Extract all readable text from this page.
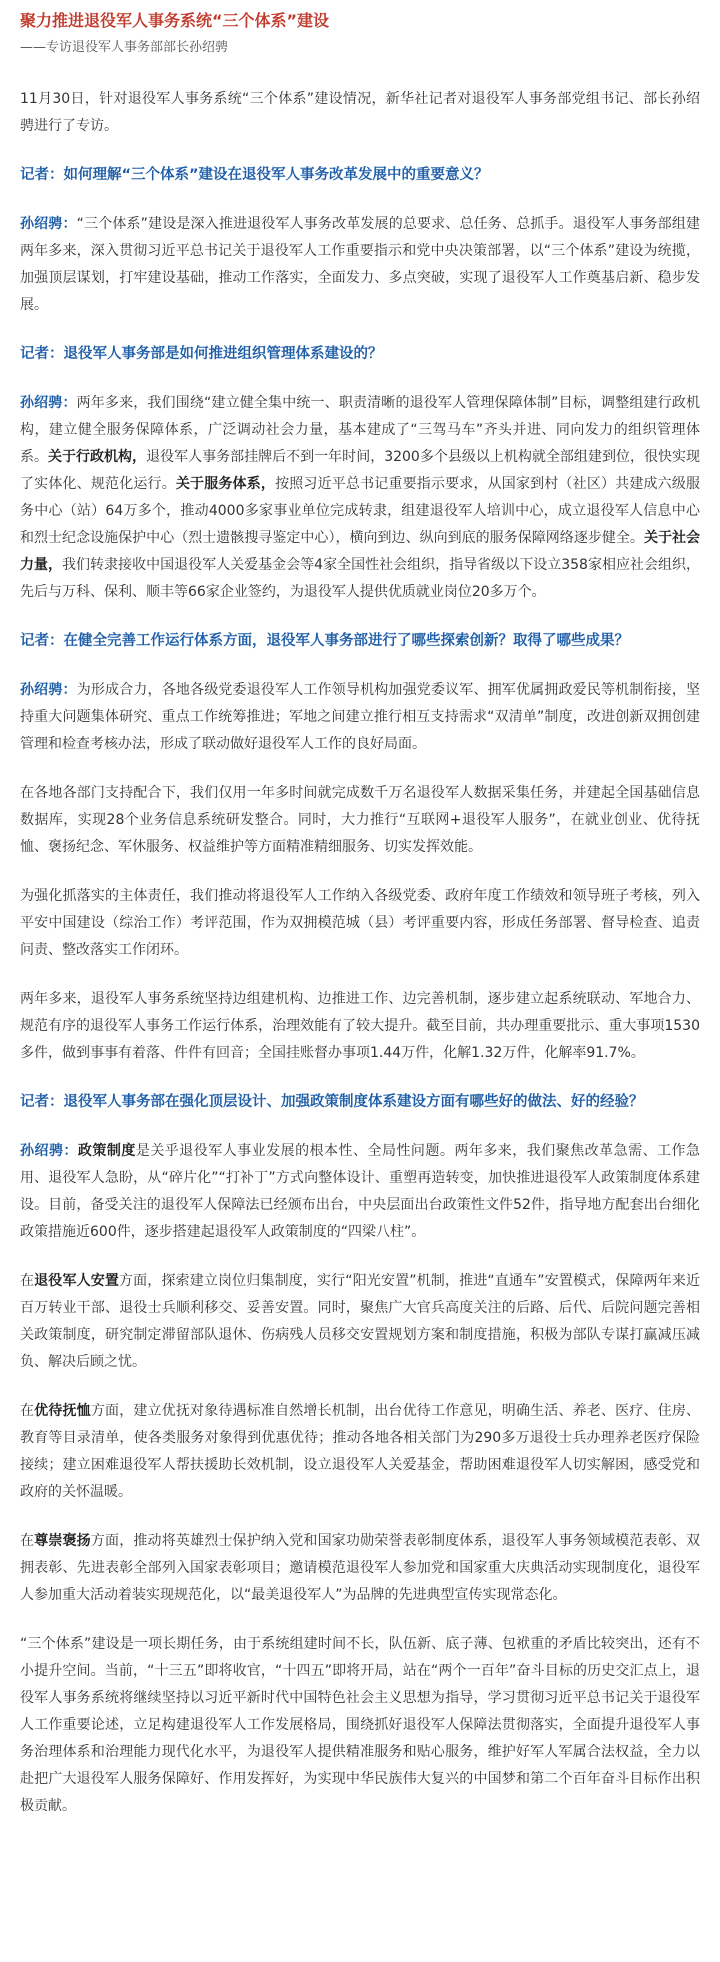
聚力推进退役军人事务系统“三个体系”建设

——专访退役军人事务部部长孙绍骋

11月30日，针对退役军人事务系统“三个体系”建设情况，新华社记者对退役军人事务部党组书记、部长孙绍骋进行了专访。

记者：如何理解“三个体系”建设在退役军人事务改革发展中的重要意义？

孙绍骋：“三个体系”建设是深入推进退役军人事务改革发展的总要求、总任务、总抓手。退役军人事务部组建两年多来，深入贯彻习近平总书记关于退役军人工作重要指示和党中央决策部署，以“三个体系”建设为统揽，加强顶层谋划，打牢建设基础，推动工作落实，全面发力、多点突破，实现了退役军人工作奠基启新、稳步发展。

记者：退役军人事务部是如何推进组织管理体系建设的？

孙绍骋：两年多来，我们围绕“建立健全集中统一、职责清晰的退役军人管理保障体制”目标，调整组建行政机构，建立健全服务保障体系，广泛调动社会力量，基本建成了“三驾马车”齐头并进、同向发力的组织管理体系。关于行政机构，退役军人事务部挂牌后不到一年时间，3200多个县级以上机构就全部组建到位，很快实现了实体化、规范化运行。关于服务体系，按照习近平总书记重要指示要求，从国家到村（社区）共建成六级服务中心（站）64万多个，推动4000多家事业单位完成转隶，组建退役军人培训中心，成立退役军人信息中心和烈士纪念设施保护中心（烈士遗骸搜寻鉴定中心），横向到边、纵向到底的服务保障网络逐步健全。关于社会力量，我们转隶接收中国退役军人关爱基金会等4家全国性社会组织，指导省级以下设立358家相应社会组织，先后与万科、保利、顺丰等66家企业签约，为退役军人提供优质就业岗位20多万个。

记者：在健全完善工作运行体系方面，退役军人事务部进行了哪些探索创新？取得了哪些成果？

孙绍骋：为形成合力，各地各级党委退役军人工作领导机构加强党委议军、拥军优属拥政爱民等机制衔接，坚持重大问题集体研究、重点工作统筹推进；军地之间建立推行相互支持需求“双清单”制度，改进创新双拥创建管理和检查考核办法，形成了联动做好退役军人工作的良好局面。

在各地各部门支持配合下，我们仅用一年多时间就完成数千万名退役军人数据采集任务，并建起全国基础信息数据库，实现28个业务信息系统研发整合。同时，大力推行“互联网+退役军人服务”，在就业创业、优待抚恤、褒扬纪念、军休服务、权益维护等方面精准精细服务、切实发挥效能。

为强化抓落实的主体责任，我们推动将退役军人工作纳入各级党委、政府年度工作绩效和领导班子考核，列入平安中国建设（综治工作）考评范围，作为双拥模范城（县）考评重要内容，形成任务部署、督导检查、追责问责、整改落实工作闭环。

两年多来，退役军人事务系统坚持边组建机构、边推进工作、边完善机制，逐步建立起系统联动、军地合力、规范有序的退役军人事务工作运行体系，治理效能有了较大提升。截至目前，共办理重要批示、重大事项1530多件，做到事事有着落、件件有回音；全国挂账督办事项1.44万件，化解1.32万件，化解率91.7%。

记者：退役军人事务部在强化顶层设计、加强政策制度体系建设方面有哪些好的做法、好的经验？

孙绍骋：政策制度是关乎退役军人事业发展的根本性、全局性问题。两年多来，我们聚焦改革急需、工作急用、退役军人急盼，从“碎片化”“打补丁”方式向整体设计、重塑再造转变，加快推进退役军人政策制度体系建设。目前，备受关注的退役军人保障法已经颁布出台，中央层面出台政策性文件52件，指导地方配套出台细化政策措施近600件，逐步搭建起退役军人政策制度的“四梁八柱”。

在退役军人安置方面，探索建立岗位归集制度，实行“阳光安置”机制，推进“直通车”安置模式，保障两年来近百万转业干部、退役士兵顺利移交、妥善安置。同时，聚焦广大官兵高度关注的后路、后代、后院问题完善相关政策制度，研究制定滞留部队退休、伤病残人员移交安置规划方案和制度措施，积极为部队专谋打赢减压减负、解决后顾之忧。

在优待抚恤方面，建立优抚对象待遇标准自然增长机制，出台优待工作意见，明确生活、养老、医疗、住房、教育等目录清单，使各类服务对象得到优惠优待；推动各地各相关部门为290多万退役士兵办理养老医疗保险接续；建立困难退役军人帮扶援助长效机制，设立退役军人关爱基金，帮助困难退役军人切实解困，感受党和政府的关怀温暖。

在尊崇褒扬方面，推动将英雄烈士保护纳入党和国家功勋荣誉表彰制度体系，退役军人事务领域模范表彰、双拥表彰、先进表彰全部列入国家表彰项目；邀请模范退役军人参加党和国家重大庆典活动实现制度化，退役军人参加重大活动着装实现规范化，以“最美退役军人”为品牌的先进典型宣传实现常态化。

“三个体系”建设是一项长期任务，由于系统组建时间不长，队伍新、底子薄、包袱重的矛盾比较突出，还有不小提升空间。当前，“十三五”即将收官，“十四五”即将开局，站在“两个一百年”奋斗目标的历史交汇点上，退役军人事务系统将继续坚持以习近平新时代中国特色社会主义思想为指导，学习贯彻习近平总书记关于退役军人工作重要论述，立足构建退役军人工作发展格局，围绕抓好退役军人保障法贯彻落实，全面提升退役军人事务治理体系和治理能力现代化水平，为退役军人提供精准服务和贴心服务，维护好军人军属合法权益，全力以赴把广大退役军人服务保障好、作用发挥好，为实现中华民族伟大复兴的中国梦和第二个百年奋斗目标作出积极贡献。
